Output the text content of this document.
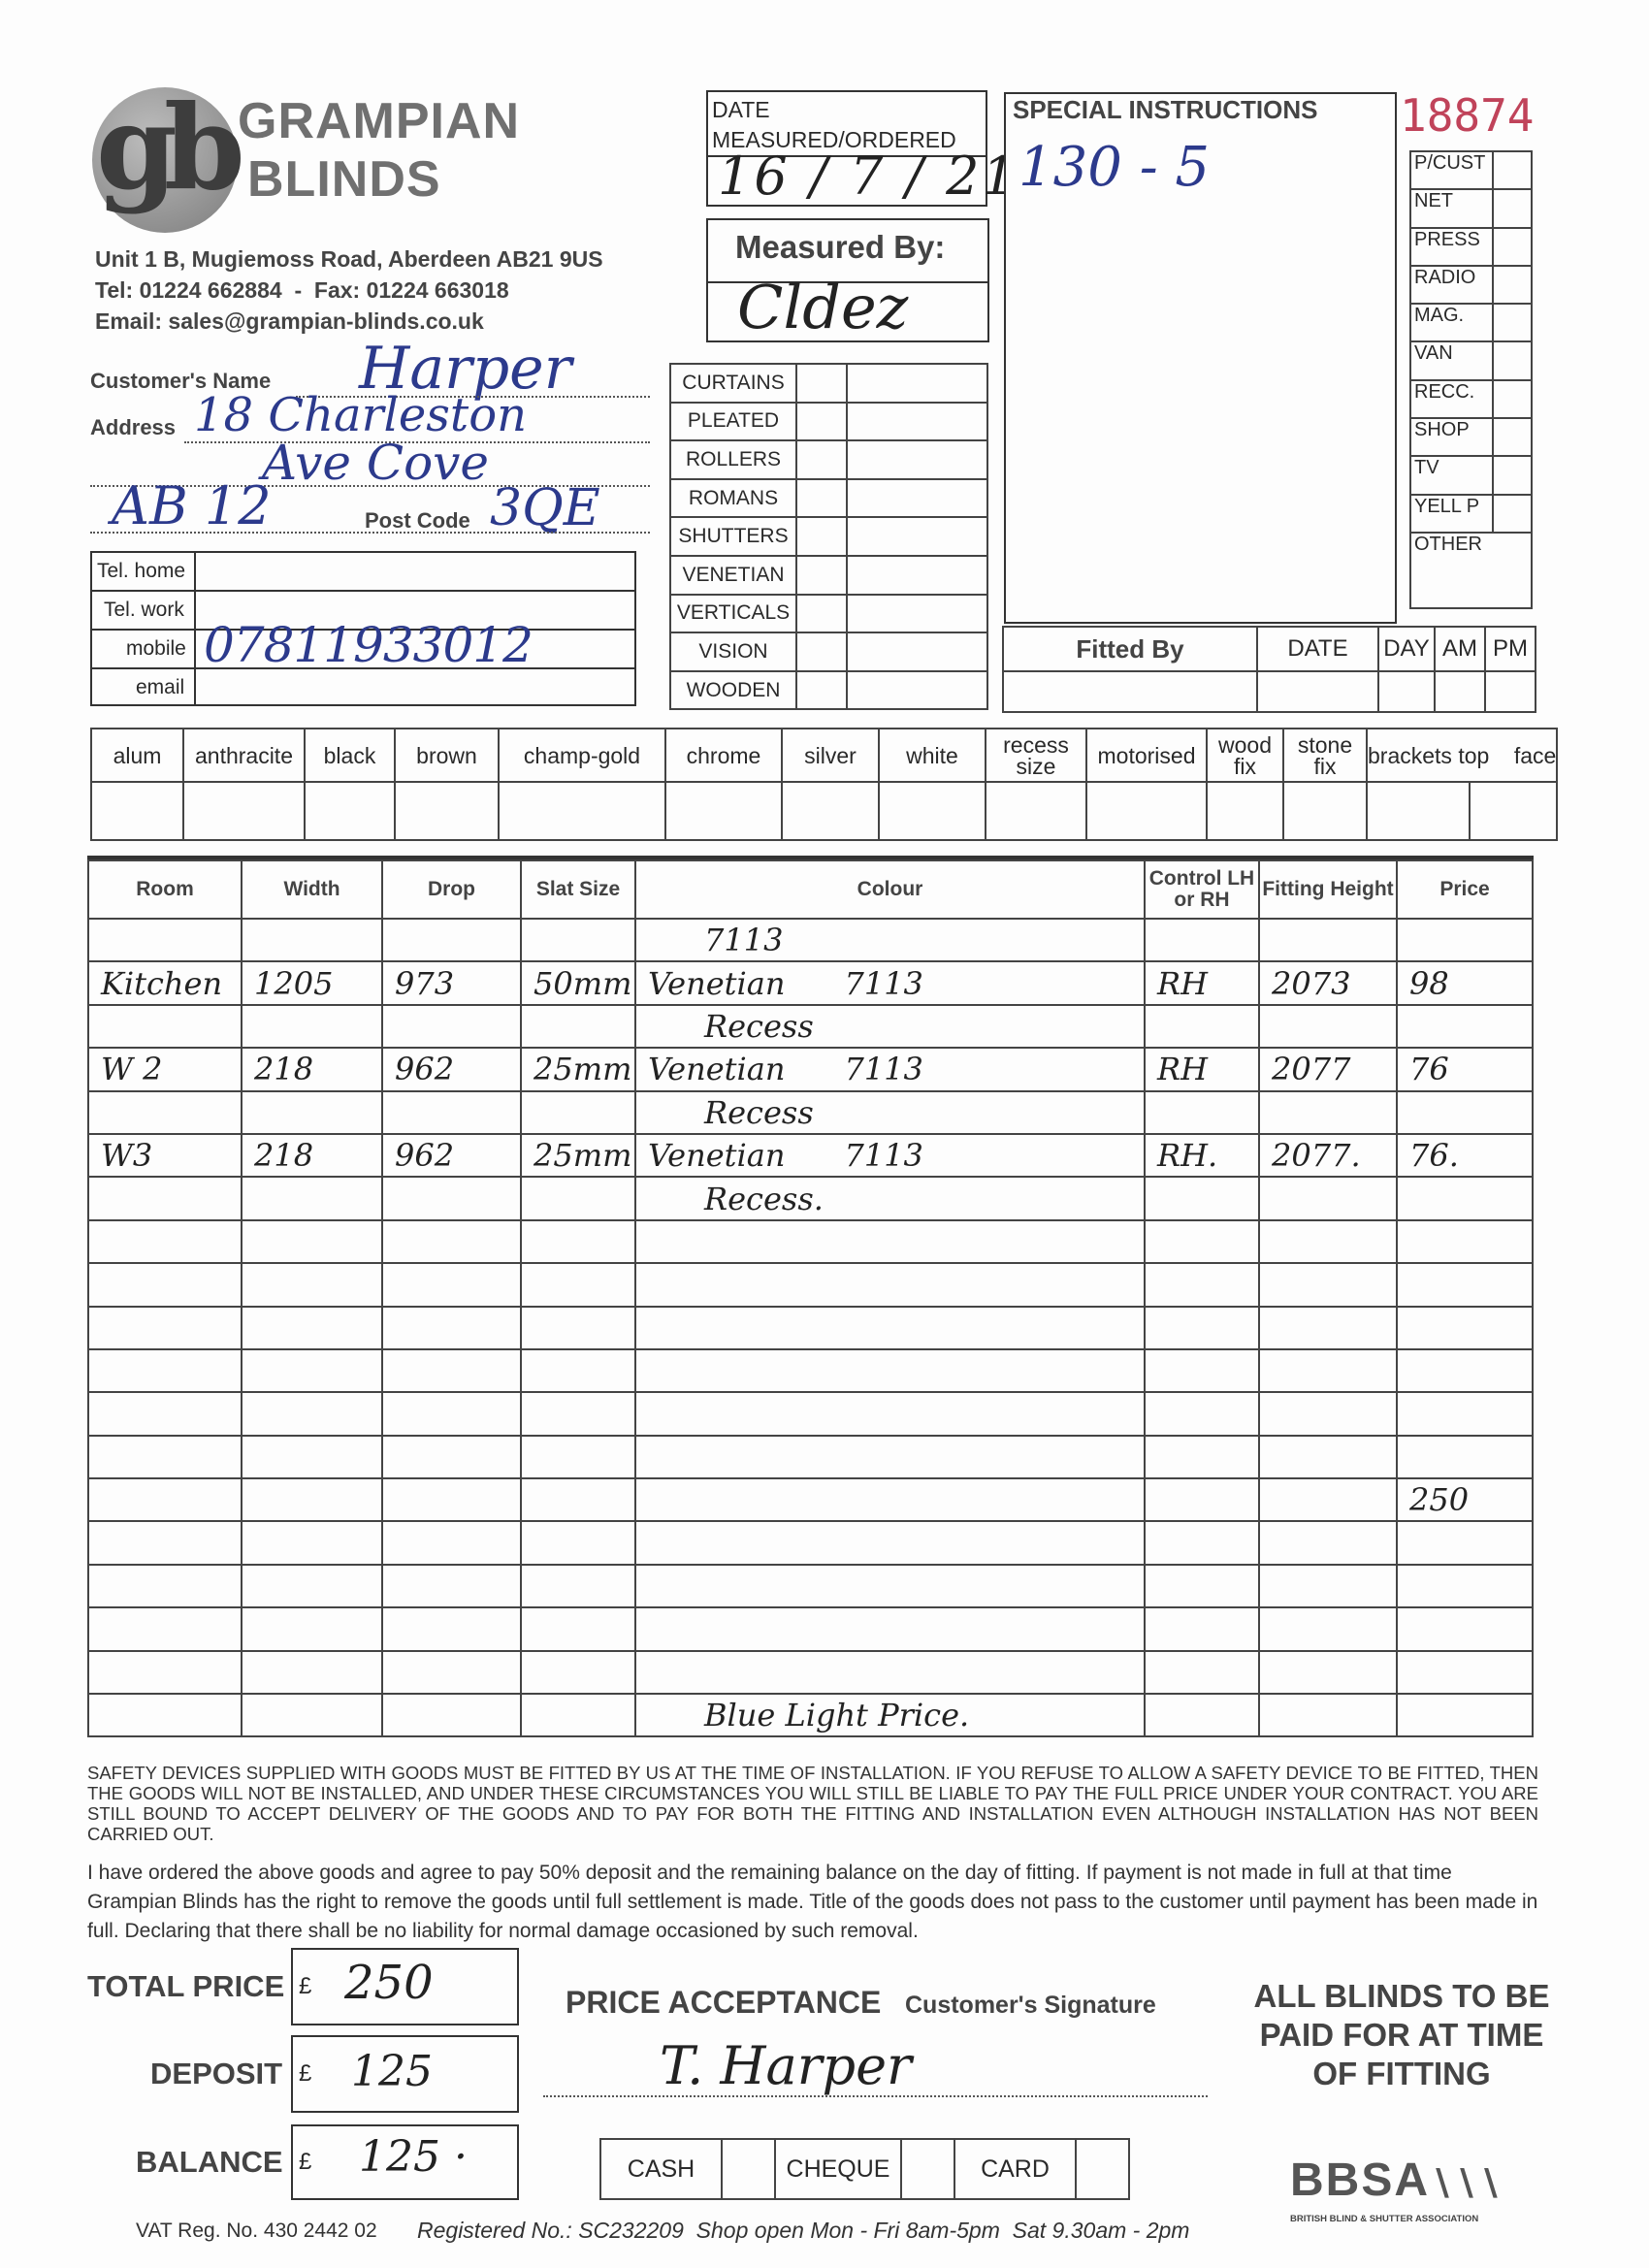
gb GRAMPIAN
BLINDS
Unit 1 B, Mugiemoss Road, Aberdeen AB21 9US
Tel: 01224 662884  -  Fax: 01224 663018
Email: sales@grampian-blinds.co.uk
Customer's Name Harper
Address 18 Charleston
Ave Cove
AB 12	Post Code 3QE
Tel. home
Tel. work
mobile 07811933012
email
DATE
MEASURED/ORDERED
16 / 7 / 21
Measured By:
Cldez
CURTAINS		
PLEATED		
ROLLERS		
ROMANS		
SHUTTERS		
VENETIAN		
VERTICALS		
VISION		
WOODEN		
SPECIAL INSTRUCTIONS
130 - 5
18874
P/CUST	
NET	
PRESS	
RADIO	
MAG.	
VAN	
RECC.	
SHOP	
TV	
YELL P	
OTHER	
Fitted By	DATE	DAY	AM	PM

alum	anthracite	black	brown	champ-gold	chrome	silver	white	recess size	motorised	wood fix	stone fix	brackets top    face	

Room	Width	Drop	Slat Size	Colour	Control LH or RH	Fitting Height	Price
				7113			
Kitchen	1205	973	50mm	Venetian      7113	RH	2073	98
				Recess			
W 2	218	962	25mm	Venetian      7113	RH	2077	76
				Recess			
W3	218	962	25mm	Venetian      7113	RH.	2077.	76.
				Recess.			

							250

				Blue Light Price.			
SAFETY DEVICES SUPPLIED WITH GOODS MUST BE FITTED BY US AT THE TIME OF INSTALLATION. IF YOU REFUSE TO ALLOW A SAFETY DEVICE TO BE FITTED, THEN THE GOODS WILL NOT BE INSTALLED, AND UNDER THESE CIRCUMSTANCES YOU WILL STILL BE LIABLE TO PAY THE FULL PRICE UNDER YOUR CONTRACT. YOU ARE STILL BOUND TO ACCEPT DELIVERY OF THE GOODS AND TO PAY FOR BOTH THE FITTING AND INSTALLATION EVEN ALTHOUGH INSTALLATION HAS NOT BEEN CARRIED OUT.
I have ordered the above goods and agree to pay 50% deposit and the remaining balance on the day of fitting. If payment is not made in full at that time Grampian Blinds has the right to remove the goods until full settlement is made. Title of the goods does not pass to the customer until payment has been made in full. Declaring that there shall be no liability for normal damage occasioned by such removal.
TOTAL PRICE £ 250
DEPOSIT £ 125
BALANCE £ 125 ·
PRICE ACCEPTANCE Customer's Signature
T. Harper
CASH		CHEQUE		CARD	
ALL BLINDS TO BE PAID FOR AT TIME OF FITTING
BBSA∖∖∖
BRITISH BLIND & SHUTTER ASSOCIATION
VAT Reg. No. 430 2442 02 Registered No.: SC232209  Shop open Mon - Fri 8am-5pm  Sat 9.30am - 2pm
